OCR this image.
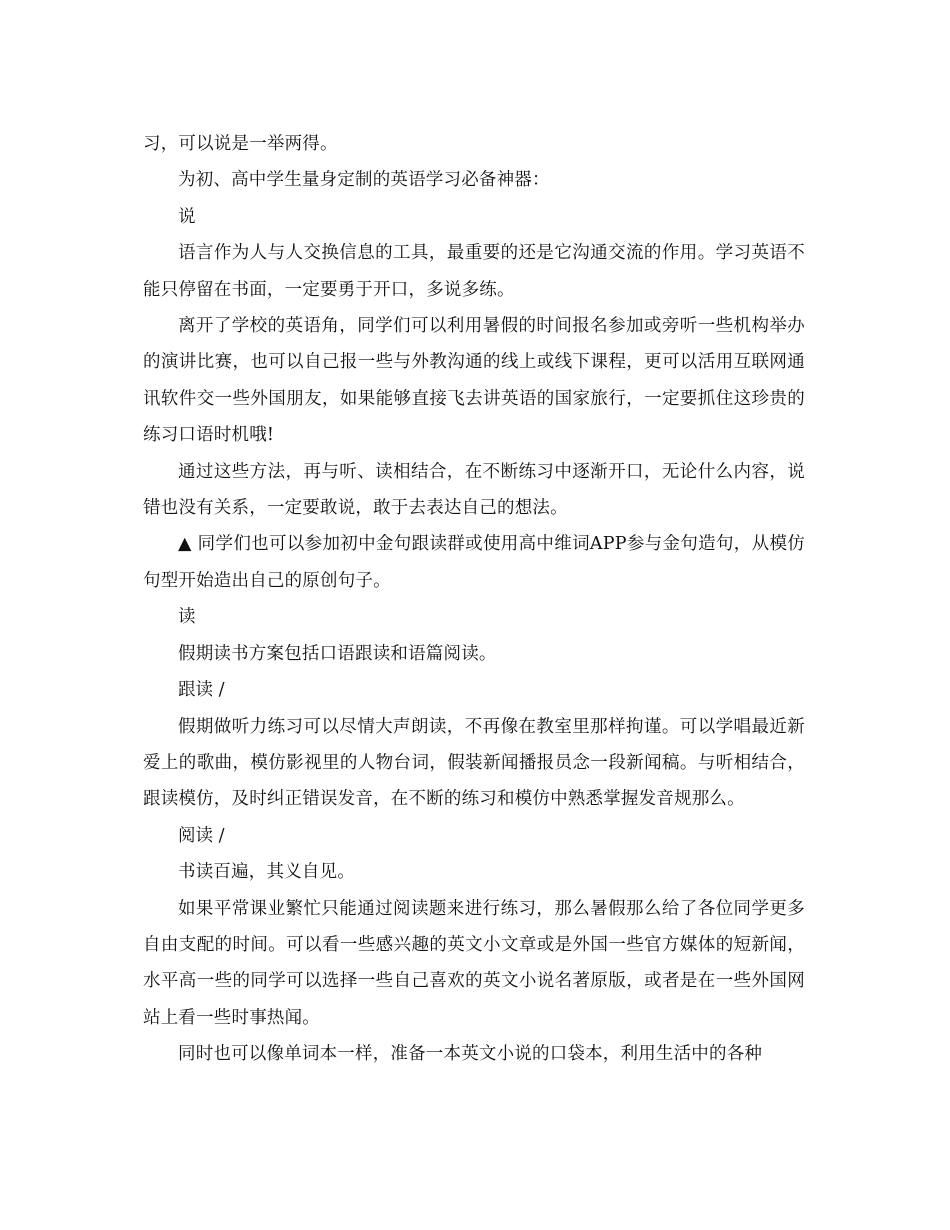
习，可以说是一举两得。

为初、高中学生量身定制的英语学习必备神器：

说

语言作为人与人交换信息的工具，最重要的还是它沟通交流的作用。学习英语不能只停留在书面，一定要勇于开口，多说多练。

离开了学校的英语角，同学们可以利用暑假的时间报名参加或旁听一些机构举办的演讲比赛，也可以自己报一些与外教沟通的线上或线下课程，更可以活用互联网通讯软件交一些外国朋友，如果能够直接飞去讲英语的国家旅行，一定要抓住这珍贵的练习口语时机哦!

通过这些方法，再与听、读相结合，在不断练习中逐渐开口，无论什么内容，说错也没有关系，一定要敢说，敢于去表达自己的想法。

▲ 同学们也可以参加初中金句跟读群或使用高中维词APP参与金句造句，从模仿句型开始造出自己的原创句子。

读

假期读书方案包括口语跟读和语篇阅读。

跟读 /

假期做听力练习可以尽情大声朗读，不再像在教室里那样拘谨。可以学唱最近新爱上的歌曲，模仿影视里的人物台词，假装新闻播报员念一段新闻稿。与听相结合，跟读模仿，及时纠正错误发音，在不断的练习和模仿中熟悉掌握发音规那么。

阅读 /

书读百遍，其义自见。

如果平常课业繁忙只能通过阅读题来进行练习，那么暑假那么给了各位同学更多自由支配的时间。可以看一些感兴趣的英文小文章或是外国一些官方媒体的短新闻，水平高一些的同学可以选择一些自己喜欢的英文小说名著原版，或者是在一些外国网站上看一些时事热闻。

同时也可以像单词本一样，准备一本英文小说的口袋本，利用生活中的各种
